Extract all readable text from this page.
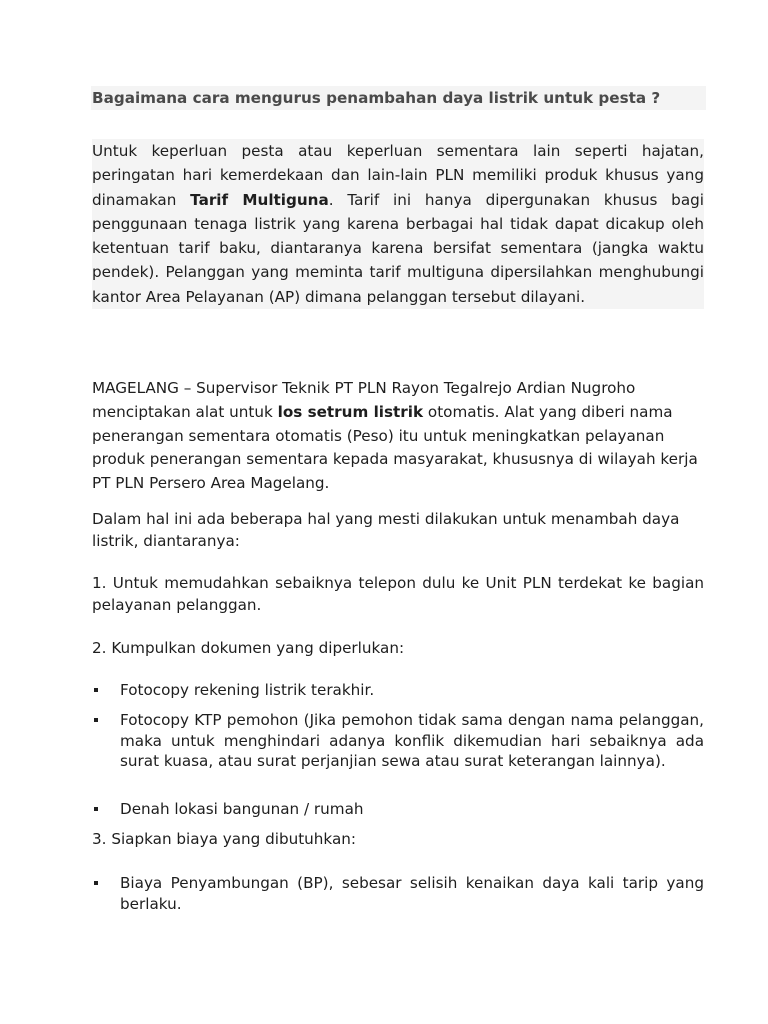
Bagaimana cara mengurus penambahan daya listrik untuk pesta ?
Untuk keperluan pesta atau keperluan sementara lain seperti hajatan, peringatan hari kemerdekaan dan lain-lain PLN memiliki produk khusus yang dinamakan Tarif Multiguna. Tarif ini hanya dipergunakan khusus bagi penggunaan tenaga listrik yang karena berbagai hal tidak dapat dicakup oleh ketentuan tarif baku, diantaranya karena bersifat sementara (jangka waktu pendek). Pelanggan yang meminta tarif multiguna dipersilahkan menghubungi kantor Area Pelayanan (AP) dimana pelanggan tersebut dilayani.
MAGELANG – Supervisor Teknik PT PLN Rayon Tegalrejo Ardian Nugroho menciptakan alat untuk los setrum listrik otomatis. Alat yang diberi nama penerangan sementara otomatis (Peso) itu untuk meningkatkan pelayanan produk penerangan sementara kepada masyarakat, khususnya di wilayah kerja PT PLN Persero Area Magelang.
Dalam hal ini ada beberapa hal yang mesti dilakukan untuk menambah daya listrik, diantaranya:
1. Untuk memudahkan sebaiknya telepon dulu ke Unit PLN terdekat ke bagian pelayanan pelanggan.
2. Kumpulkan dokumen yang diperlukan:
Fotocopy rekening listrik terakhir.
Fotocopy KTP pemohon (Jika pemohon tidak sama dengan nama pelanggan, maka untuk menghindari adanya konflik dikemudian hari sebaiknya ada surat kuasa, atau surat perjanjian sewa atau surat keterangan lainnya).
Denah lokasi bangunan / rumah
3. Siapkan biaya yang dibutuhkan:
Biaya Penyambungan (BP), sebesar selisih kenaikan daya kali tarip yang berlaku.
